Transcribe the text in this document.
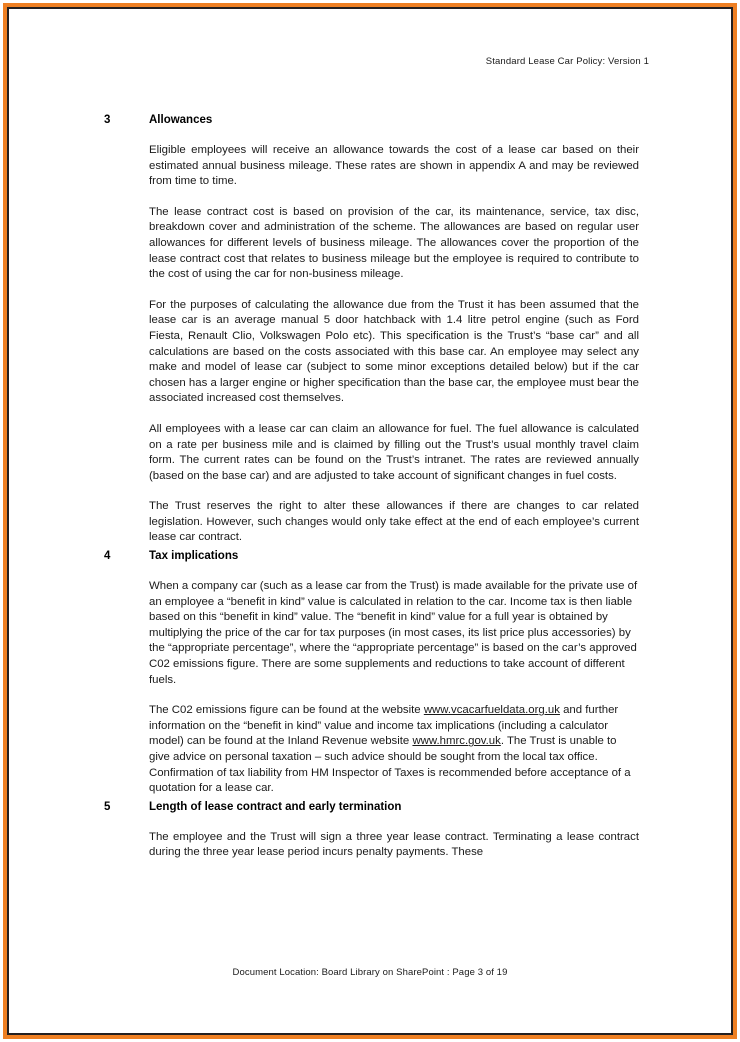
Standard Lease Car Policy: Version 1
3	Allowances

Eligible employees will receive an allowance towards the cost of a lease car based on their estimated annual business mileage. These rates are shown in appendix A and may be reviewed from time to time.

The lease contract cost is based on provision of the car, its maintenance, service, tax disc, breakdown cover and administration of the scheme. The allowances are based on regular user allowances for different levels of business mileage. The allowances cover the proportion of the lease contract cost that relates to business mileage but the employee is required to contribute to the cost of using the car for non-business mileage.

For the purposes of calculating the allowance due from the Trust it has been assumed that the lease car is an average manual 5 door hatchback with 1.4 litre petrol engine (such as Ford Fiesta, Renault Clio, Volkswagen Polo etc). This specification is the Trust’s “base car” and all calculations are based on the costs associated with this base car. An employee may select any make and model of lease car (subject to some minor exceptions detailed below) but if the car chosen has a larger engine or higher specification than the base car, the employee must bear the associated increased cost themselves.

All employees with a lease car can claim an allowance for fuel. The fuel allowance is calculated on a rate per business mile and is claimed by filling out the Trust’s usual monthly travel claim form. The current rates can be found on the Trust’s intranet. The rates are reviewed annually (based on the base car) and are adjusted to take account of significant changes in fuel costs.

The Trust reserves the right to alter these allowances if there are changes to car related legislation. However, such changes would only take effect at the end of each employee’s current lease car contract.

4	Tax implications

When a company car (such as a lease car from the Trust) is made available for the private use of an employee a “benefit in kind” value is calculated in relation to the car. Income tax is then liable based on this “benefit in kind” value. The “benefit in kind” value for a full year is obtained by multiplying the price of the car for tax purposes (in most cases, its list price plus accessories) by the “appropriate percentage”, where the “appropriate percentage” is based on the car’s approved C02 emissions figure. There are some supplements and reductions to take account of different fuels.

The C02 emissions figure can be found at the website www.vcacarfueldata.org.uk and further information on the “benefit in kind” value and income tax implications (including a calculator model) can be found at the Inland Revenue website www.hmrc.gov.uk. The Trust is unable to give advice on personal taxation – such advice should be sought from the local tax office. Confirmation of tax liability from HM Inspector of Taxes is recommended before acceptance of a quotation for a lease car.

5	Length of lease contract and early termination

The employee and the Trust will sign a three year lease contract. Terminating a lease contract during the three year lease period incurs penalty payments. These

Document Location: Board Library on SharePoint : Page 3 of 19
